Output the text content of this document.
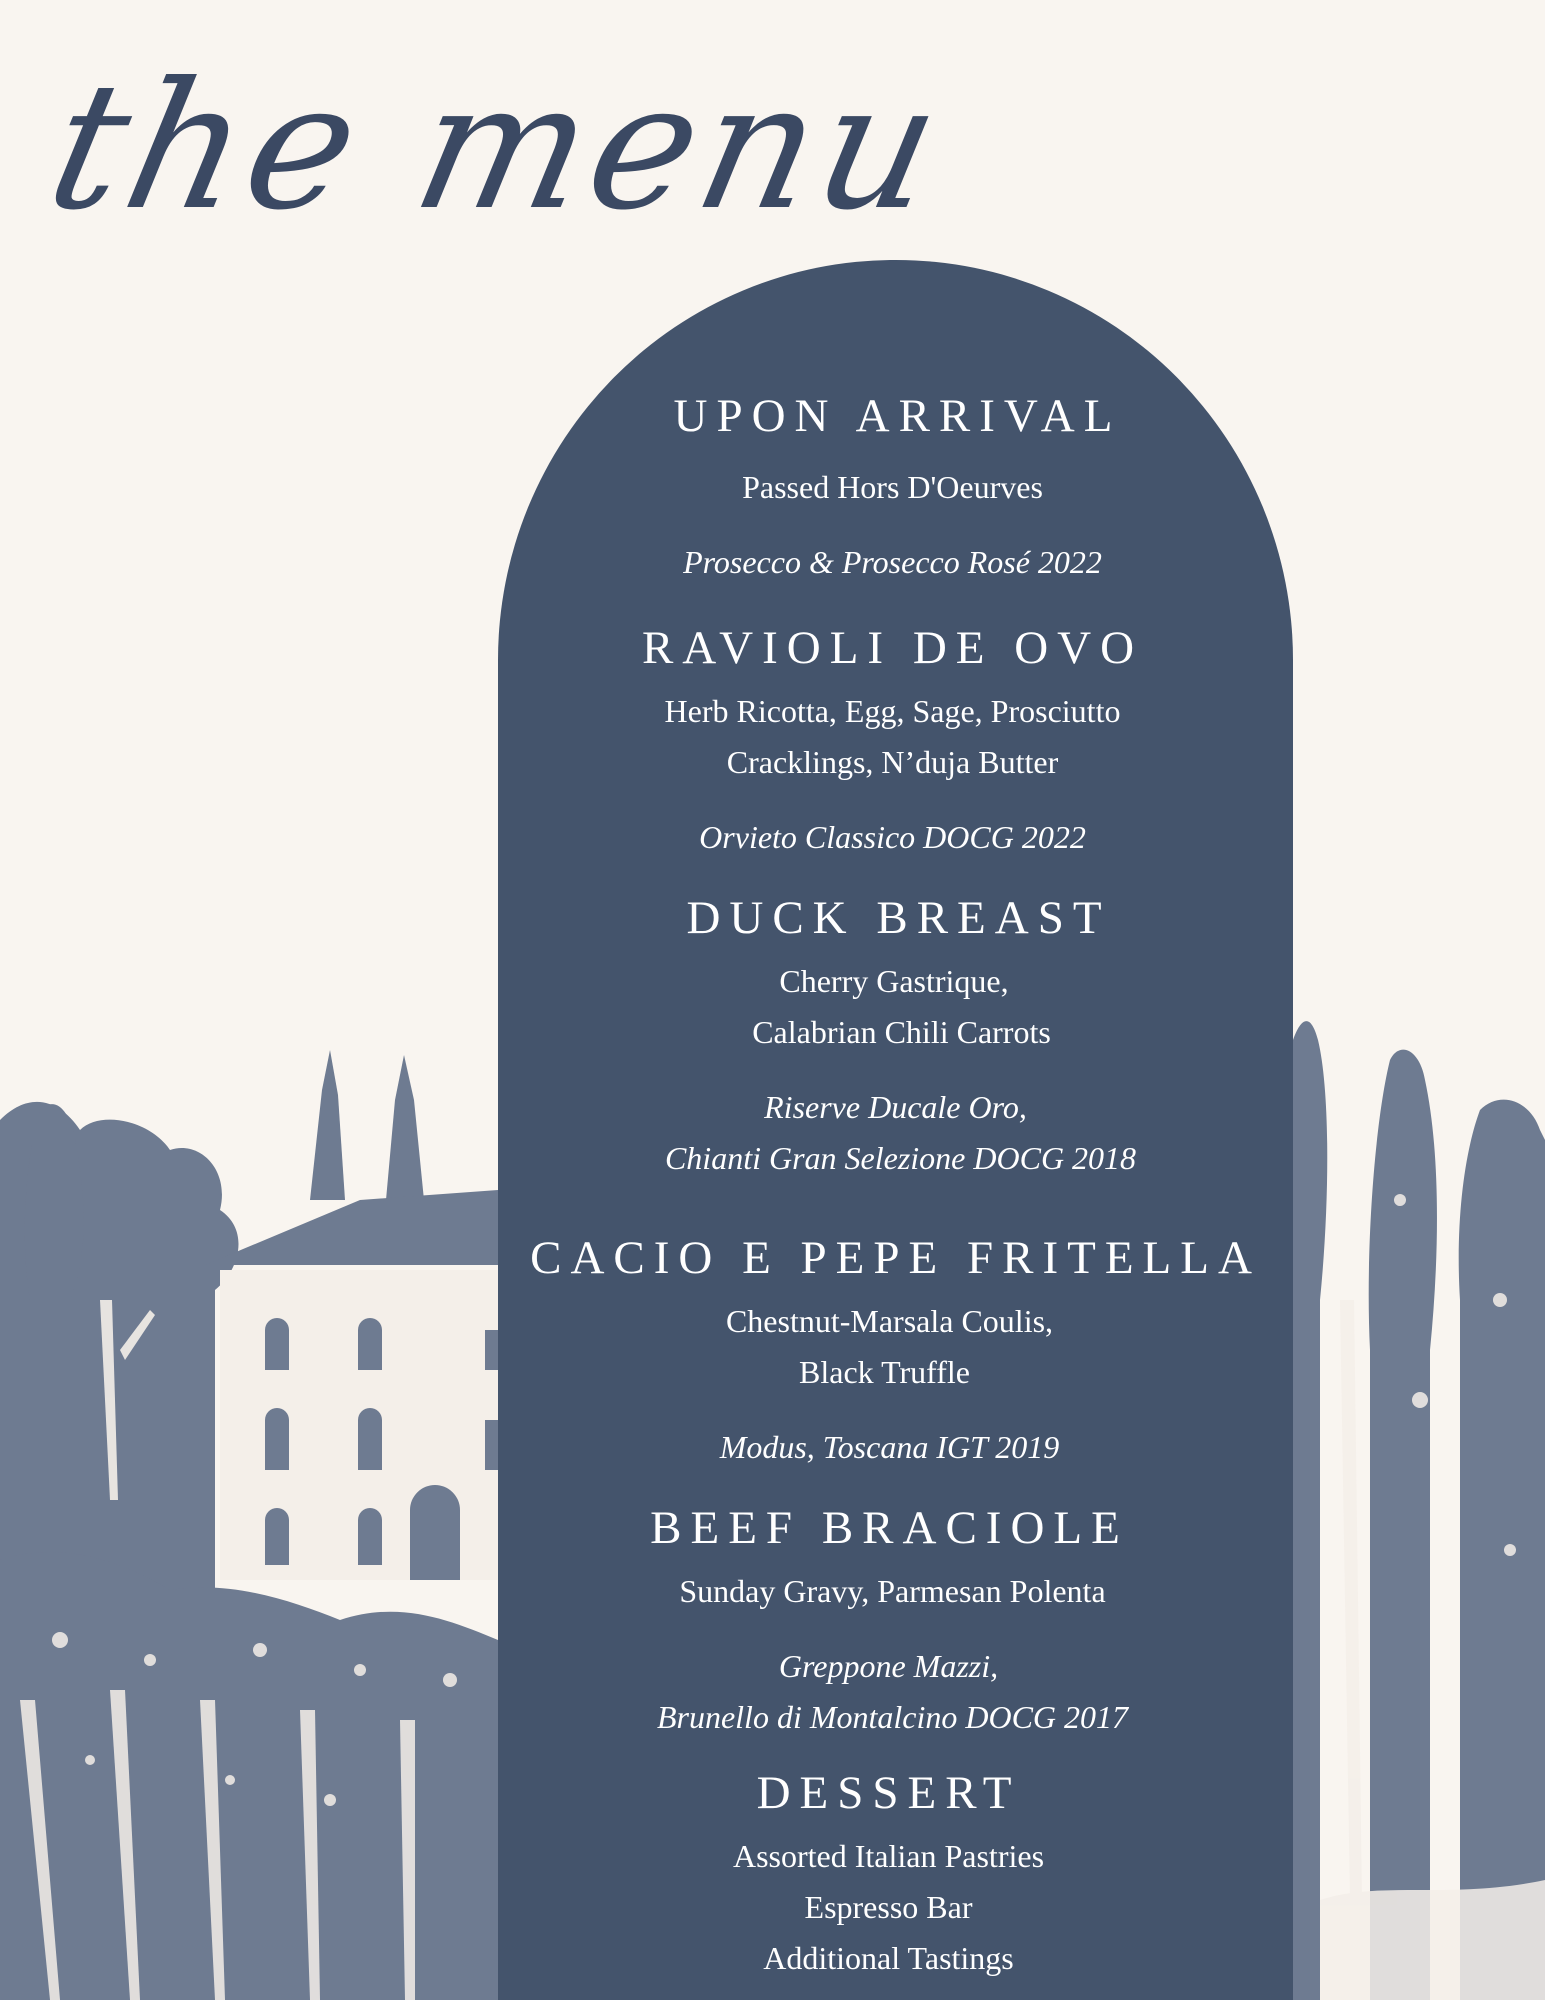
the menu
UPON ARRIVAL
Passed Hors D'Oeurves
Prosecco & Prosecco Rosé 2022
RAVIOLI DE OVO
Herb Ricotta, Egg, Sage, Prosciutto
Cracklings, N’duja Butter
Orvieto Classico DOCG 2022
DUCK BREAST
Cherry Gastrique,
Calabrian Chili Carrots
Riserve Ducale Oro,
Chianti Gran Selezione DOCG 2018
CACIO E PEPE FRITELLA
Chestnut-Marsala Coulis,
Black Truffle
Modus, Toscana IGT 2019
BEEF BRACIOLE
Sunday Gravy, Parmesan Polenta
Greppone Mazzi,
Brunello di Montalcino DOCG 2017
DESSERT
Assorted Italian Pastries
Espresso Bar
Additional Tastings
